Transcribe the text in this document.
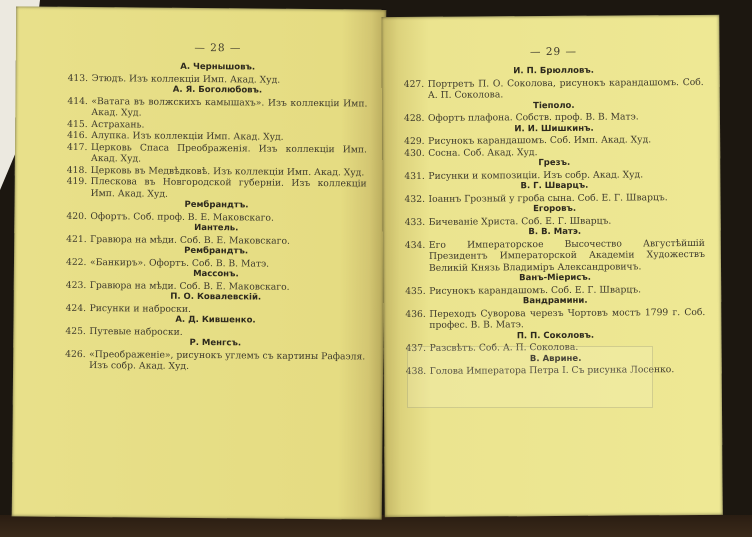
— 28 —
А. Чернышовъ.
413. Этюдъ. Изъ коллекціи Имп. Акад. Худ.
А. Я. Боголюбовъ.
414. «Ватага въ волжскихъ камышахъ». Изъ коллекціи Имп. Акад. Худ.
415. Астрахань.
416. Алупка. Изъ коллекціи Имп. Акад. Худ.
417. Церковь Спаса Преображенія. Изъ коллекціи Имп. Акад. Худ.
418. Церковь въ Медвѣдковѣ. Изъ коллекціи Имп. Акад. Худ.
419. Плескова въ Новгородской губерніи. Изъ коллекціи Имп. Акад. Худ.
Рембрандтъ.
420. Офортъ. Соб. проф. В. Е. Маковскаго.
Иантель.
421. Гравюра на мѣди. Соб. В. Е. Маковскаго.
Рембрандтъ.
422. «Банкиръ». Офортъ. Соб. В. В. Матэ.
Массонъ.
423. Гравюра на мѣди. Соб. В. Е. Маковскаго.
П. О. Ковалевскій.
424. Рисунки и наброски.
А. Д. Кившенко.
425. Путевые наброски.
Р. Менгсъ.
426. «Преображеніе», рисунокъ углемъ съ картины Рафаэля. Изъ собр. Акад. Худ.
— 29 —
И. П. Брюлловъ.
427. Портретъ П. О. Соколова, рисунокъ карандашомъ. Соб. А. П. Соколова.
Тіеполо.
428. Офортъ плафона. Собств. проф. В. В. Матэ.
И. И. Шишкинъ.
429. Рисунокъ карандашомъ. Соб. Имп. Акад. Худ.
430. Сосна. Соб. Акад. Худ.
Грезъ.
431. Рисунки и композиціи. Изъ собр. Акад. Худ.
В. Г. Шварцъ.
432. Іоаннъ Грозный у гроба сына. Соб. Е. Г. Шварцъ.
Егоровъ.
433. Бичеваніе Христа. Соб. Е. Г. Шварцъ.
В. В. Матэ.
434. Его Императорское Высочество Августѣйшій Президентъ Императорской Академіи Художествъ Великій Князь Владиміръ Александровичъ.
Ванъ-Міерисъ.
435. Рисунокъ карандашомъ. Соб. Е. Г. Шварцъ.
Вандрамини.
436. Переходъ Суворова черезъ Чортовъ мостъ 1799 г. Соб. профес. В. В. Матэ.
П. П. Соколовъ.
437. Разсвѣтъ. Соб. А. П. Соколова.
В. Аврине.
438. Голова Императора Петра I. Съ рисунка Лосенко.
